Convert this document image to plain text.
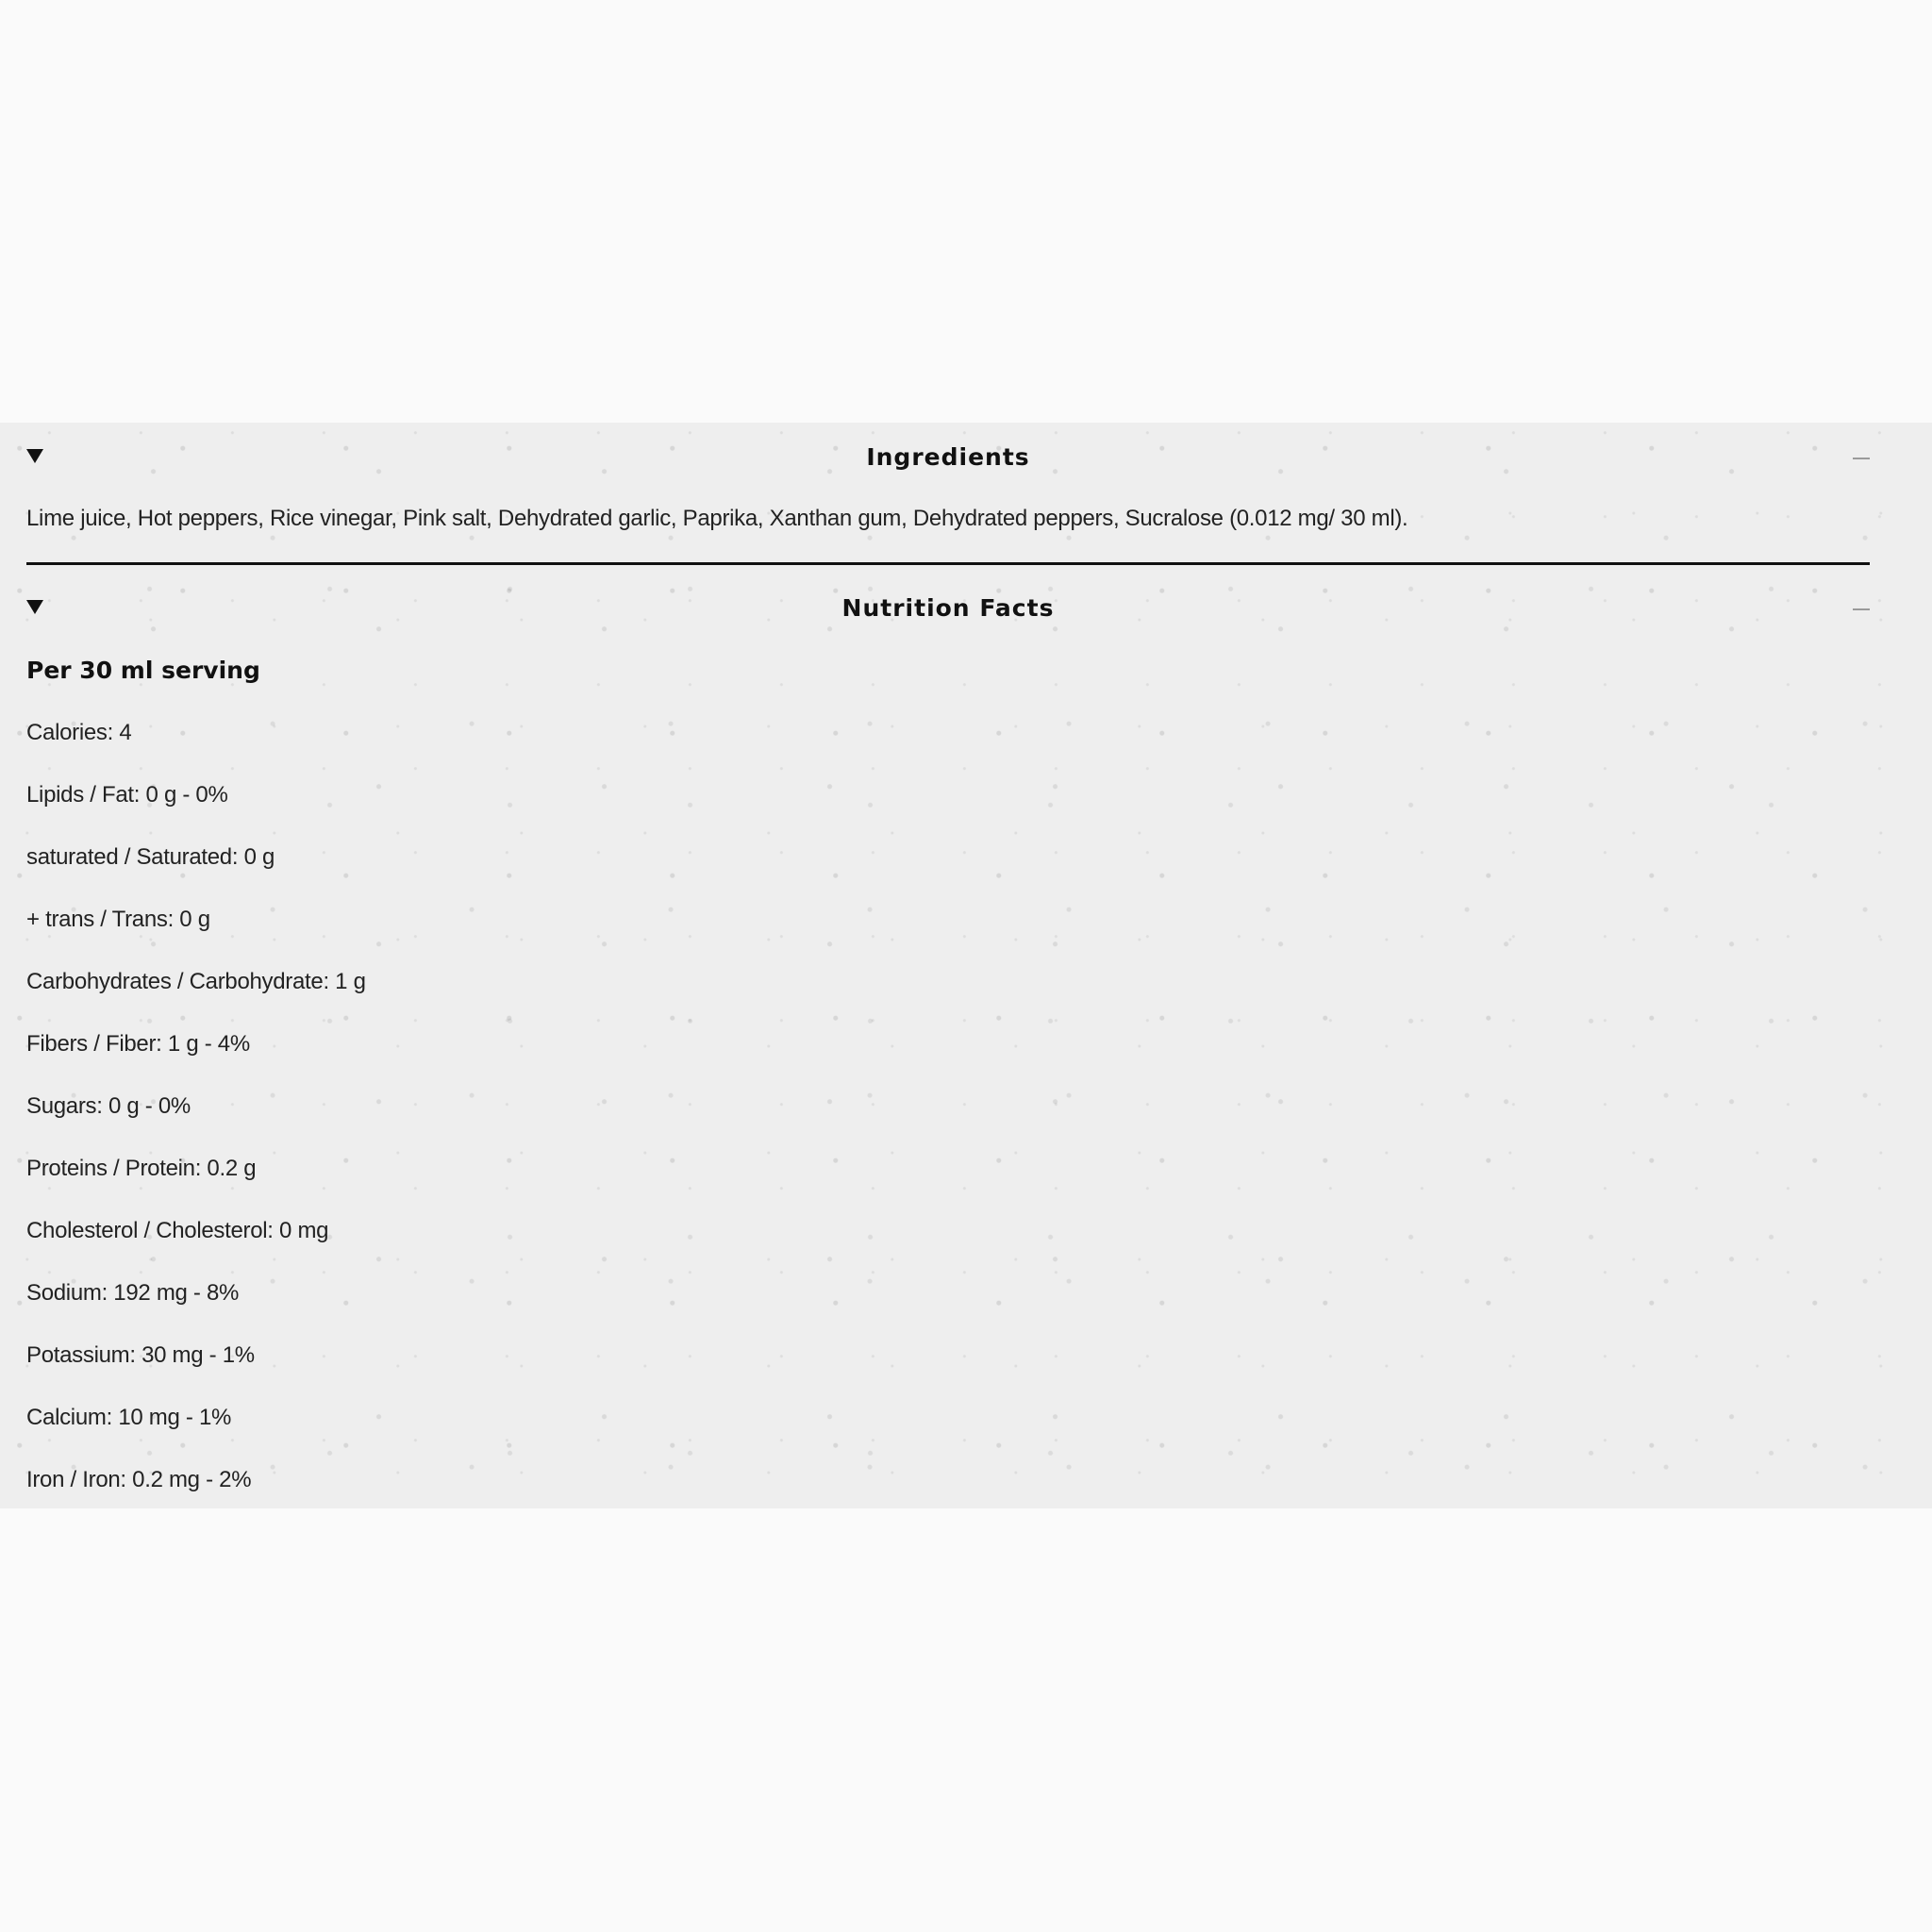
Ingredients
Lime juice, Hot peppers, Rice vinegar, Pink salt, Dehydrated garlic, Paprika, Xanthan gum, Dehydrated peppers, Sucralose (0.012 mg/ 30 ml).
Nutrition Facts
Per 30 ml serving
Calories: 4
Lipids / Fat: 0 g - 0%
saturated / Saturated: 0 g
+ trans / Trans: 0 g
Carbohydrates / Carbohydrate: 1 g
Fibers / Fiber: 1 g - 4%
Sugars: 0 g - 0%
Proteins / Protein: 0.2 g
Cholesterol / Cholesterol: 0 mg
Sodium: 192 mg - 8%
Potassium: 30 mg - 1%
Calcium: 10 mg - 1%
Iron / Iron: 0.2 mg - 2%
